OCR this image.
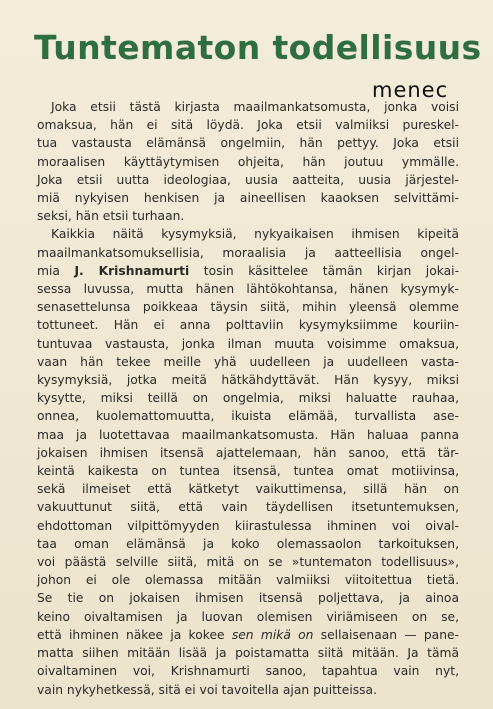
Tuntematon todellisuus
menec
Joka etsii tästä kirjasta maailmankatsomusta, jonka voisi
omaksua, hän ei sitä löydä. Joka etsii valmiiksi pureskel-
tua vastausta elämänsä ongelmiin, hän pettyy. Joka etsii
moraalisen käyttäytymisen ohjeita, hän joutuu ymmälle.
Joka etsii uutta ideologiaa, uusia aatteita, uusia järjestel-
miä nykyisen henkisen ja aineellisen kaaoksen selvittämi-
seksi, hän etsii turhaan.
Kaikkia näitä kysymyksiä, nykyaikaisen ihmisen kipeitä
maailmankatsomuksellisia, moraalisia ja aatteellisia ongel-
mia J. Krishnamurti tosin käsittelee tämän kirjan jokai-
sessa luvussa, mutta hänen lähtökohtansa, hänen kysymyk-
senasettelunsa poikkeaa täysin siitä, mihin yleensä olemme
tottuneet. Hän ei anna polttaviin kysymyksiimme kouriin-
tuntuvaa vastausta, jonka ilman muuta voisimme omaksua,
vaan hän tekee meille yhä uudelleen ja uudelleen vasta-
kysymyksiä, jotka meitä hätkähdyttävät. Hän kysyy, miksi
kysytte, miksi teillä on ongelmia, miksi haluatte rauhaa,
onnea, kuolemattomuutta, ikuista elämää, turvallista ase-
maa ja luotettavaa maailmankatsomusta. Hän haluaa panna
jokaisen ihmisen itsensä ajattelemaan, hän sanoo, että tär-
keintä kaikesta on tuntea itsensä, tuntea omat motiivinsa,
sekä ilmeiset että kätketyt vaikuttimensa, sillä hän on
vakuuttunut siitä, että vain täydellisen itsetuntemuksen,
ehdottoman vilpittömyyden kiirastulessa ihminen voi oival-
taa oman elämänsä ja koko olemassaolon tarkoituksen,
voi päästä selville siitä, mitä on se »tuntematon todellisuus»,
johon ei ole olemassa mitään valmiiksi viitoitettua tietä.
Se tie on jokaisen ihmisen itsensä poljettava, ja ainoa
keino oivaltamisen ja luovan olemisen viriämiseen on se,
että ihminen näkee ja kokee sen mikä on sellaisenaan — pane-
matta siihen mitään lisää ja poistamatta siitä mitään. Ja tämä
oivaltaminen voi, Krishnamurti sanoo, tapahtua vain nyt,
vain nykyhetkessä, sitä ei voi tavoitella ajan puitteissa.
